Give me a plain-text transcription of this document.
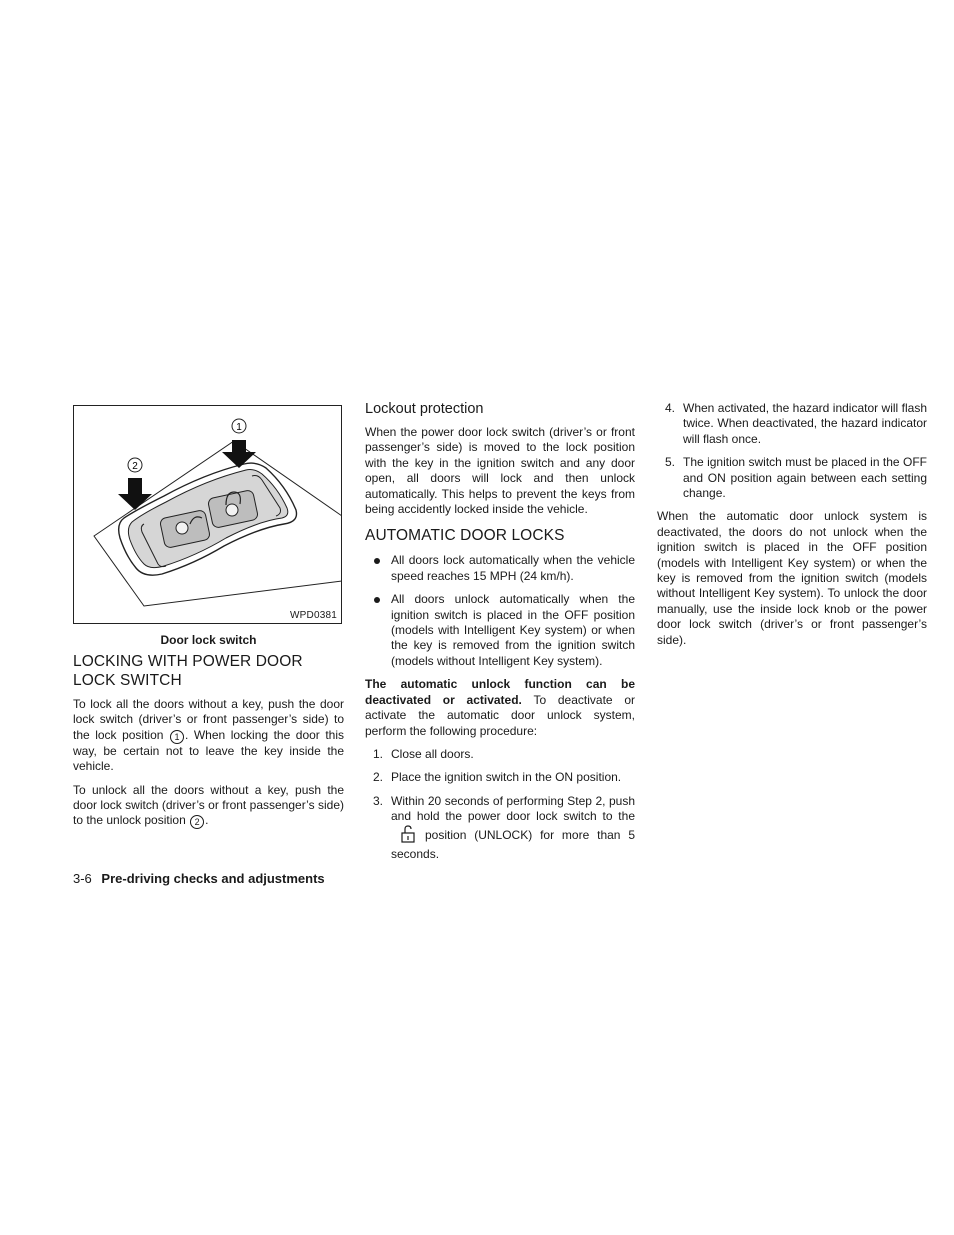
1
2
WPD0381
Door lock switch
LOCKING WITH POWER DOOR LOCK SWITCH

To lock all the doors without a key, push the door lock switch (driver’s or front passenger’s side) to the lock position 1 . When locking the door this way, be certain not to leave the key inside the vehicle.

To unlock all the doors without a key, push the door lock switch (driver’s or front passenger’s side) to the unlock position 2 .

Lockout protection

When the power door lock switch (driver’s or front passenger’s side) is moved to the lock position with the key in the ignition switch and any door open, all doors will lock and then unlock automatically. This helps to prevent the keys from being accidently locked inside the vehicle.

AUTOMATIC DOOR LOCKS
All doors lock automatically when the vehicle speed reaches 15 MPH (24 km/h).
All doors unlock automatically when the ignition switch is placed in the OFF position (models with Intelligent Key system) or when the key is removed from the ignition switch (models without Intelligent Key system).

The automatic unlock function can be deactivated or activated. To deactivate or activate the automatic door unlock system, perform the following procedure:

1. Close all doors.
2. Place the ignition switch in the ON position.
3. Within 20 seconds of performing Step 2, push and hold the power door lock switch to theposition (UNLOCK) for more than 5 seconds.
4. When activated, the hazard indicator will flash twice. When deactivated, the hazard indicator will flash once.
5. The ignition switch must be placed in the OFF and ON position again between each setting change.

When the automatic door unlock system is deactivated, the doors do not unlock when the ignition switch is placed in the OFF position (models with Intelligent Key system) or when the key is removed from the ignition switch (models without Intelligent Key system). To unlock the door manually, use the inside lock knob or the power door lock switch (driver’s or front passenger’s side).

3-6 Pre-driving checks and adjustments
